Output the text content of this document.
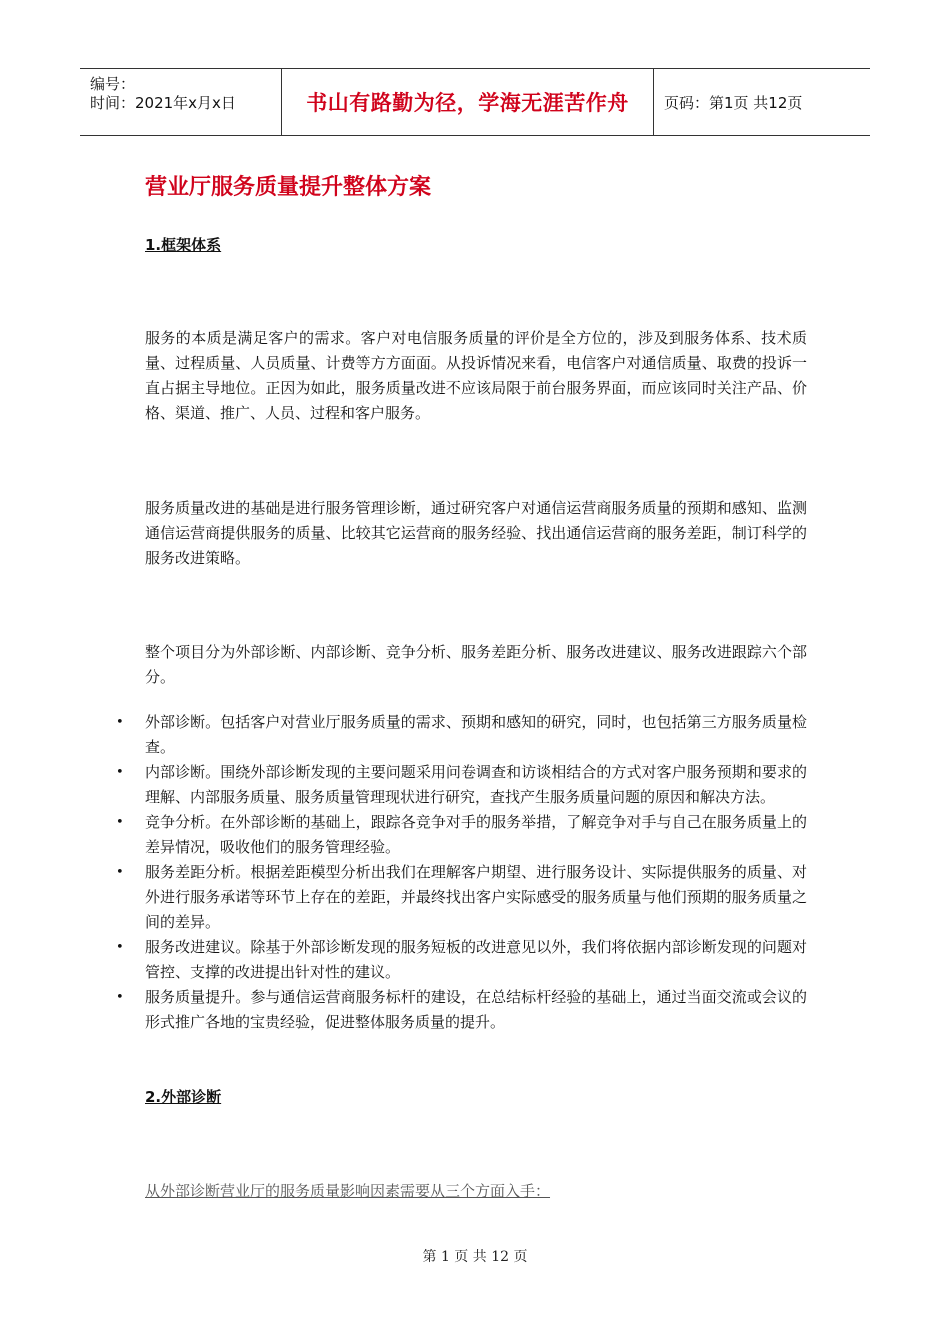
编号：
时间：2021年x月x日	书山有路勤为径，学海无涯苦作舟	页码：第1页 共12页
营业厅服务质量提升整体方案
1.框架体系

服务的本质是满足客户的需求。客户对电信服务质量的评价是全方位的，涉及到服务体系、技术质量、过程质量、人员质量、计费等方方面面。从投诉情况来看，电信客户对通信质量、取费的投诉一直占据主导地位。正因为如此，服务质量改进不应该局限于前台服务界面，而应该同时关注产品、价格、渠道、推广、人员、过程和客户服务。

服务质量改进的基础是进行服务管理诊断，通过研究客户对通信运营商服务质量的预期和感知、监测通信运营商提供服务的质量、比较其它运营商的服务经验、找出通信运营商的服务差距，制订科学的服务改进策略。

整个项目分为外部诊断、内部诊断、竞争分析、服务差距分析、服务改进建议、服务改进跟踪六个部分。

• 外部诊断。包括客户对营业厅服务质量的需求、预期和感知的研究，同时，也包括第三方服务质量检查。
• 内部诊断。围绕外部诊断发现的主要问题采用问卷调查和访谈相结合的方式对客户服务预期和要求的理解、内部服务质量、服务质量管理现状进行研究，查找产生服务质量问题的原因和解决方法。
• 竞争分析。在外部诊断的基础上，跟踪各竞争对手的服务举措，了解竞争对手与自己在服务质量上的差异情况，吸收他们的服务管理经验。
• 服务差距分析。根据差距模型分析出我们在理解客户期望、进行服务设计、实际提供服务的质量、对外进行服务承诺等环节上存在的差距，并最终找出客户实际感受的服务质量与他们预期的服务质量之间的差异。
• 服务改进建议。除基于外部诊断发现的服务短板的改进意见以外，我们将依据内部诊断发现的问题对管控、支撑的改进提出针对性的建议。
• 服务质量提升。参与通信运营商服务标杆的建设，在总结标杆经验的基础上，通过当面交流或会议的形式推广各地的宝贵经验，促进整体服务质量的提升。
2.外部诊断
从外部诊断营业厅的服务质量影响因素需要从三个方面入手：
第 1 页 共 12 页
